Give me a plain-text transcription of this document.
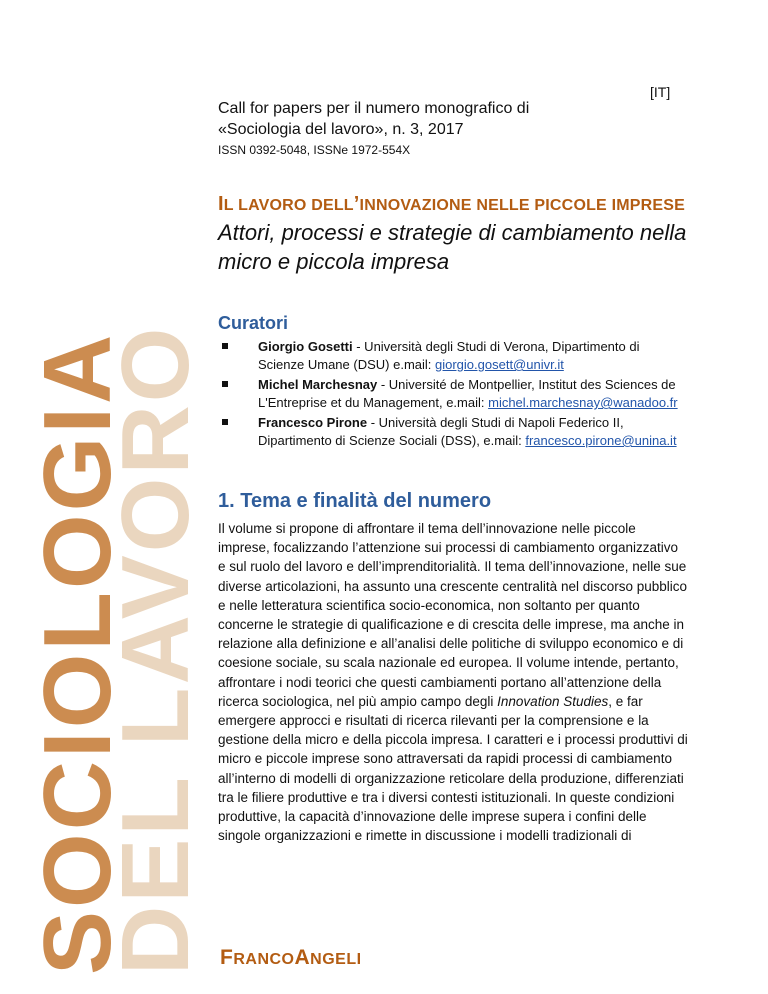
SOCIOLOGIA
DEL LAVORO
[IT]

Call for papers per il numero monografico di

«Sociologia del lavoro», n. 3, 2017

ISSN 0392-5048, ISSNe 1972-554X
IL LAVORO DELL’INNOVAZIONE NELLE PICCOLE IMPRESE
Attori, processi e strategie di cambiamento nella micro e piccola impresa
Curatori
Giorgio Gosetti - Università degli Studi di Verona, Dipartimento di Scienze Umane (DSU) e.mail: giorgio.gosett@univr.it
Michel Marchesnay - Université de Montpellier, Institut des Sciences de L'Entreprise et du Management, e.mail: michel.marchesnay@wanadoo.fr
Francesco Pirone - Università degli Studi di Napoli Federico II, Dipartimento di Scienze Sociali (DSS), e.mail: francesco.pirone@unina.it
1. Tema e finalità del numero
Il volume si propone di affrontare il tema dell’innovazione nelle piccole imprese, focalizzando l’attenzione sui processi di cambiamento organizzativo e sul ruolo del lavoro e dell’imprenditorialità. Il tema dell’innovazione, nelle sue diverse articolazioni, ha assunto una crescente centralità nel discorso pubblico e nelle letteratura scientifica socio-economica, non soltanto per quanto concerne le strategie di qualificazione e di crescita delle imprese, ma anche in relazione alla definizione e all’analisi delle politiche di sviluppo economico e di coesione sociale, su scala nazionale ed europea. Il volume intende, pertanto, affrontare i nodi teorici che questi cambiamenti portano all’attenzione della ricerca sociologica, nel più ampio campo degli Innovation Studies, e far emergere approcci e risultati di ricerca rilevanti per la comprensione e la gestione della micro e della piccola impresa. I caratteri e i processi produttivi di micro e piccole imprese sono attraversati da rapidi processi di cambiamento all’interno di modelli di organizzazione reticolare della produzione, differenziati tra le filiere produttive e tra i diversi contesti istituzionali. In queste condizioni produttive, la capacità d’innovazione delle imprese supera i confini delle singole organizzazioni e rimette in discussione i modelli tradizionali di
FRANCOANGELI
